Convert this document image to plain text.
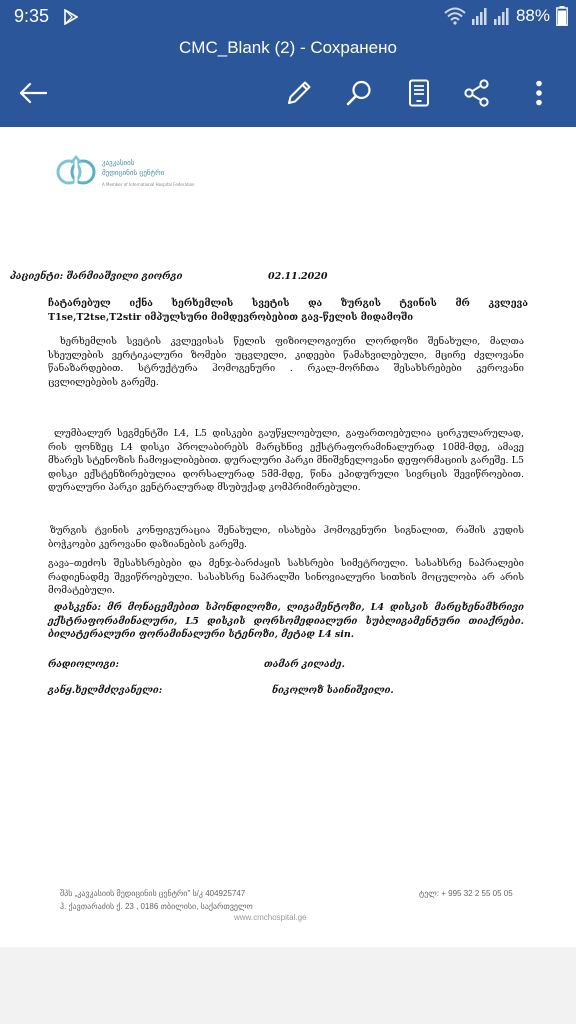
9:35	88%
CMC_Blank (2) - Сохранено
კავკასიის
მედიცინის ცენტრი
A Member of International Hospital Federation
პაციენტი: შარმიაშვილი გიორგი	02.11.2020
ჩატარებულ იქნა ხერხემლის სვეტის და ზურგის ტვინის მრ კვლევა
T1se,T2tse,T2stir იმპულსური მიმდევრობებით გავ-წელის მიდამოში
ხერხემლის სვეტის კვლევისას წელის ფიზიოლოგიური ლორდოზი შენახული, მალთა სხეულების ვერტიკალური ზომები უცვლელი, კიდეები წამახვილებული, მცირე ძვლოვანი წანაზარდებით. სტრუქტურა ჰომოგენური . რკალ-მორჩთა შესახსრებები კეროვანი ცვლილებების გარეშე.
ლუმბალურ სეგმენტში L4, L5 დისკები გაუწყლოებული, გაფართოებულია ცირკულარულად, რის ფონზეც L4 დისკი პროლაბირებს მარცხნივ ექსტრაფორამინალურად 10მმ-მდე, ამავე მხარეს სტენოზის ჩამოყალიბებით. დურალური პარკი მნიშვნელოვანი დეფორმაციის გარეშე. L5 დისკი ექსტენზირებულია დორსალურად 5მმ-მდე, წინა ეპიდურული სივრცის შევიწროებით. დურალური პარკი ვენტრალურად მსუბუქად კომპრიმირებული.
ზურგის ტვინის კონფიგურაცია შენახული, ისახება ჰომოგენური სიგნალით, რაშის კუდის ბოჭკოები კეროვანი დაზიანების გარეშე.
გავა–თეძოს შესახსრებები და მენჯ-ბარძაყის სახსრები სიმეტრიული. სასახსრე ნაპრალები რადიენადმე შევიწროებული. სასახსრე ნაპრალში სინოვიალური სითხის მოცულობა არ არის მომატებული.
დასკვნა: მრ მონაცემებით სპონდილოზი, ლიგამენტოზი, L4 დისკის მარცხენამხრივი ექსტრაფორამინალური, L5 დისკის დორსომედიალური სუბლიგამენტური თიაქრები. ბილატერალური ფორამინალური სტენოზი, მეტად L4 sin.
რადიოლოგი:	თამარ კილაძე.
განყ.ხელმძღვანელი:	ნიკოლოზ საინიშვილი.
შპს „კავკასიის მედიცინის ცენტრი" ს/კ 404925747
ჰ. ქავთარაძის ქ. 23 , 0186 თბილისი, საქართველო
ტელ: + 995 32 2 55 05 05
www.cmchospital.ge
